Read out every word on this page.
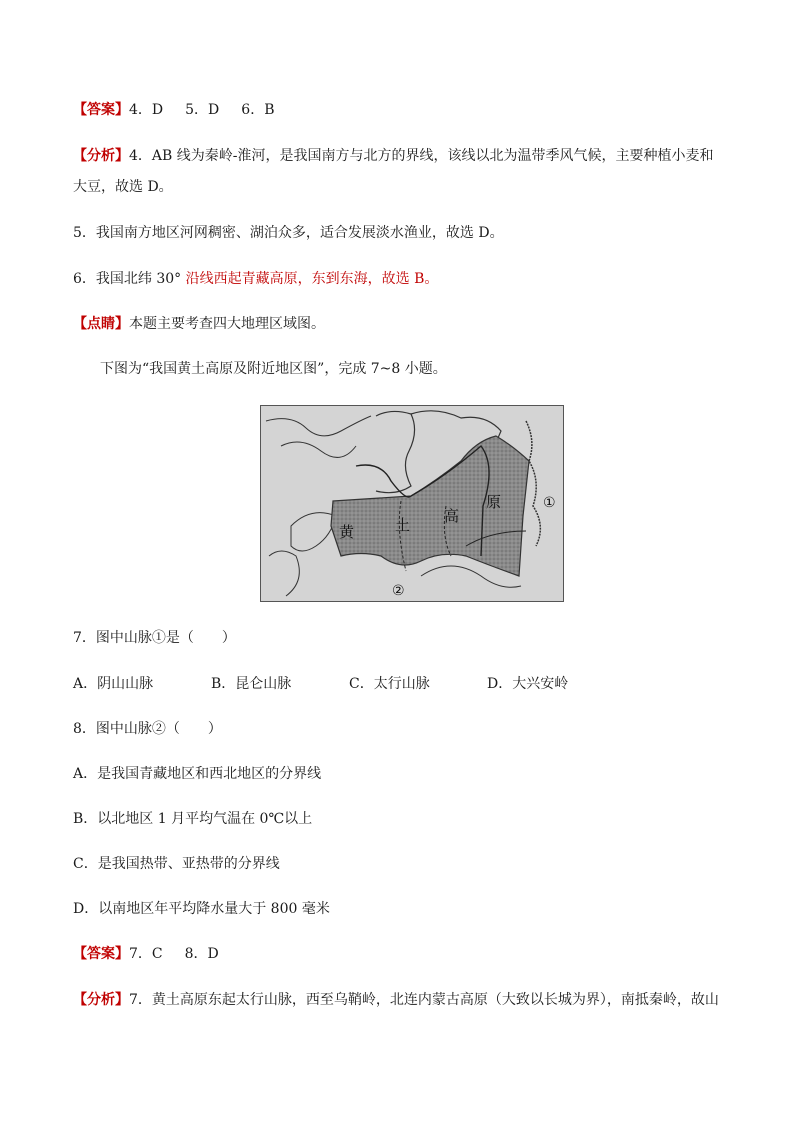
【答案】4．D 5．D 6．B
【分析】4．AB 线为秦岭-淮河，是我国南方与北方的界线，该线以北为温带季风气候，主要种植小麦和
大豆，故选 D。
5．我国南方地区河网稠密、湖泊众多，适合发展淡水渔业，故选 D。
6．我国北纬 30° 沿线西起青藏高原，东到东海，故选 B。
【点睛】本题主要考查四大地理区域图。
下图为“我国黄土高原及附近地区图”，完成 7~8 小题。
黄	土 高
原	①
②
7．图中山脉①是（　　）
A．阴山山脉	B．昆仑山脉	C．太行山脉	D．大兴安岭
8．图中山脉②（　　）
A．是我国青藏地区和西北地区的分界线
B．以北地区 1 月平均气温在 0℃以上
C．是我国热带、亚热带的分界线
D．以南地区年平均降水量大于 800 毫米
【答案】7．C 8．D
【分析】7．黄土高原东起太行山脉，西至乌鞘岭，北连内蒙古高原（大致以长城为界），南抵秦岭，故山
